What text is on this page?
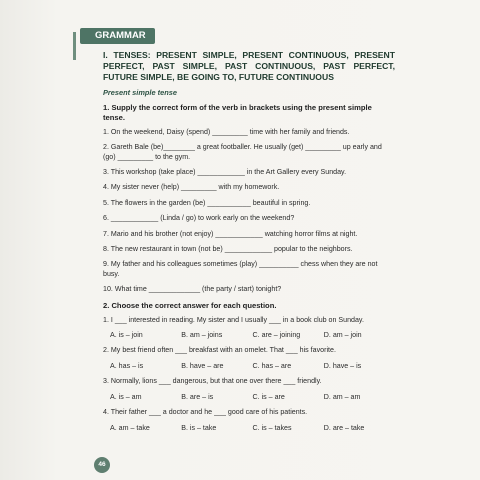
GRAMMAR
I. TENSES: PRESENT SIMPLE, PRESENT CONTINUOUS, PRESENT PERFECT, PAST SIMPLE, PAST CONTINUOUS, PAST PERFECT, FUTURE SIMPLE, BE GOING TO, FUTURE CONTINUOUS
Present simple tense
1. Supply the correct form of the verb in brackets using the present simple tense.
1. On the weekend, Daisy (spend) _________ time with her family and friends.
2. Gareth Bale (be)________ a great footballer. He usually (get) _________ up early and (go) _________ to the gym.
3. This workshop (take place) ____________ in the Art Gallery every Sunday.
4. My sister never (help) _________ with my homework.
5. The flowers in the garden (be) ___________ beautiful in spring.
6. ____________ (Linda / go) to work early on the weekend?
7. Mario and his brother (not enjoy) ____________ watching horror films at night.
8. The new restaurant in town (not be) ____________ popular to the neighbors.
9. My father and his colleagues sometimes (play) __________ chess when they are not busy.
10. What time _____________ (the party / start) tonight?
2. Choose the correct answer for each question.
1. I ___ interested in reading. My sister and I usually ___ in a book club on Sunday.
A. is – join	B. am – joins	C. are – joining	D. am – join
2. My best friend often ___ breakfast with an omelet. That ___ his favorite.
A. has – is	B. have – are	C. has – are	D. have – is
3. Normally, lions ___ dangerous, but that one over there ___ friendly.
A. is – am	B. are – is	C. is – are	D. am – am
4. Their father ___ a doctor and he ___ good care of his patients.
A. am – take	B. is – take	C. is – takes	D. are – take
46
